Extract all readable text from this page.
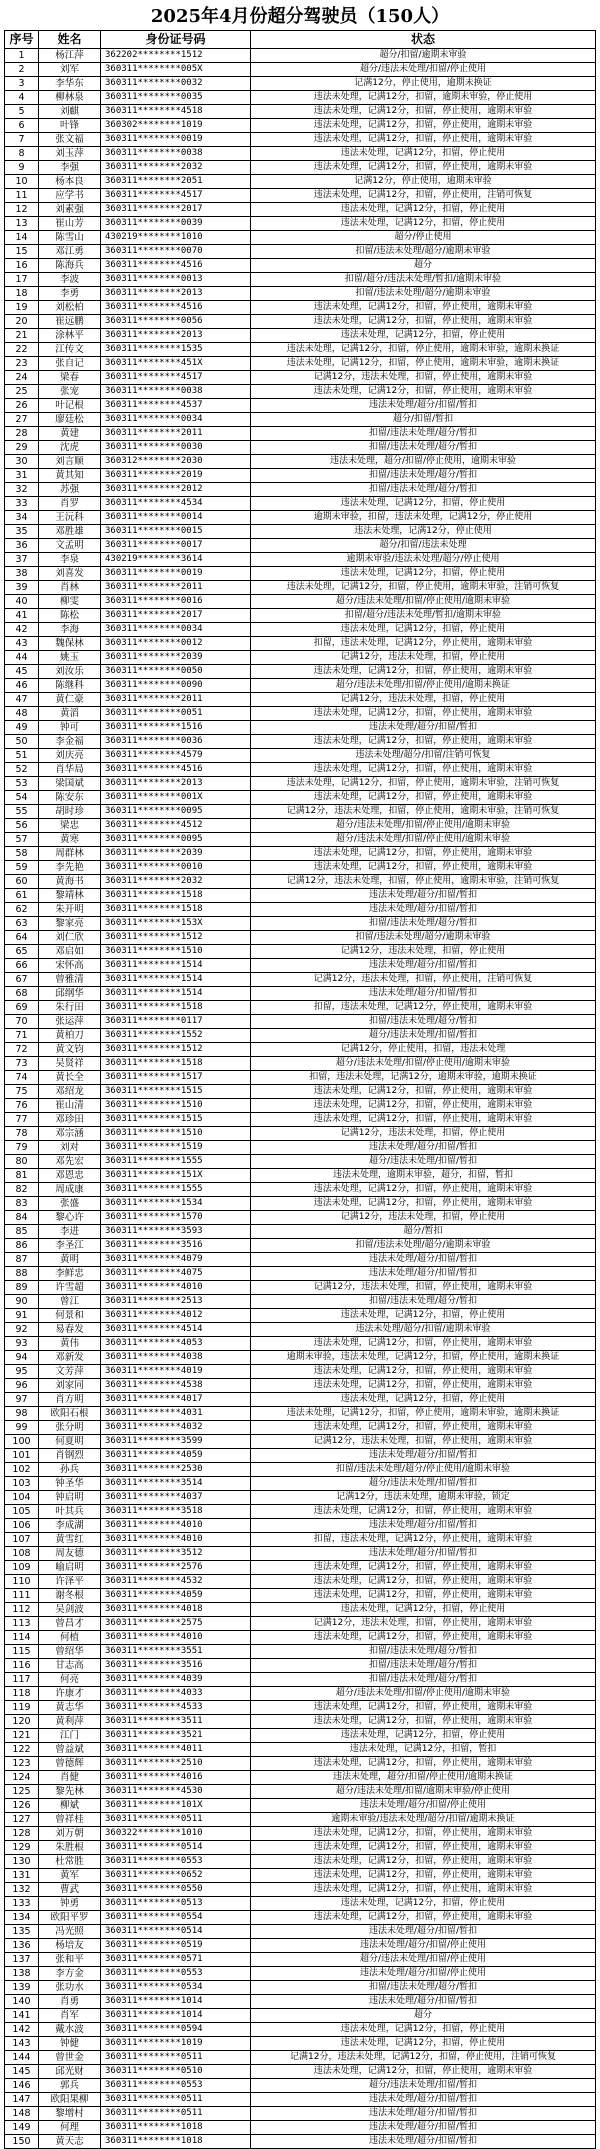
2025年4月份超分驾驶员（150人）
序号	姓名	身份证号码	状态
1	杨江萍	362202********1512	超分/扣留/逾期未审验
2	刘军	360311********005X	超分/违法未处理/扣留/停止使用
3	李华东	360311********0032	记满12分，停止使用，逾期未换证
4	柳林泉	360311********0035	违法未处理，记满12分，扣留，逾期未审验，停止使用
5	刘麒	360311********4518	违法未处理，记满12分，扣留，停止使用，逾期未审验
6	叶锋	360302********1019	违法未处理，记满12分，扣留，停止使用，逾期未审验
7	张文福	360311********0019	违法未处理，记满12分，扣留，停止使用，逾期未审验
8	刘玉萍	360311********0038	违法未处理，记满12分，扣留，停止使用
9	李强	360311********2032	违法未处理，记满12分，扣留，停止使用，逾期未审验
10	杨本良	360311********2051	记满12分，停止使用，逾期未审验
11	应学书	360311********4517	违法未处理，记满12分，扣留，停止使用，注销可恢复
12	刘素强	360311********2017	违法未处理，记满12分，扣留，停止使用
13	崔山芳	360311********0039	违法未处理，记满12分，扣留，停止使用
14	陈雪山	430219********1010	超分/停止使用
15	邓江勇	360311********0070	扣留/违法未处理/超分/逾期未审验
16	陈海兵	360311********4516	超分
17	李波	360311********0013	扣留/超分/违法未处理/暂扣/逾期未审验
18	李勇	360311********2013	扣留/违法未处理/超分/逾期未审验
19	刘松柏	360311********4516	违法未处理，记满12分，扣留，停止使用，逾期未审验
20	崔远鹏	360311********0056	违法未处理，记满12分，扣留，停止使用，逾期未审验
21	涂林平	360311********2013	违法未处理，记满12分，扣留，停止使用
22	江传文	360311********1535	违法未处理，记满12分，扣留，停止使用，逾期未审验，逾期未换证
23	张自记	360311********451X	违法未处理，记满12分，扣留，停止使用，逾期未审验，逾期未换证
24	梁春	360311********4517	记满12分，违法未处理，扣留，停止使用，逾期未审验
25	张宠	360311********0038	违法未处理，记满12分，扣留，停止使用，逾期未审验
26	叶记根	360311********4537	违法未处理/超分/扣留/暂扣
27	廖廷松	360311********0034	超分/扣留/暂扣
28	黄建	360311********2011	扣留/违法未处理/超分/暂扣
29	沈虎	360311********0030	扣留/违法未处理/超分/暂扣
30	刘言顺	360312********2030	违法未处理，超分/扣留/停止使用，逾期未审验
31	黄其知	360311********2019	扣留/违法未处理/超分/暂扣
32	苏强	360311********2012	扣留/违法未处理/超分/暂扣
33	肖罗	360311********4534	违法未处理，记满12分，扣留，停止使用
34	王沅科	360311********0014	逾期未审验，扣留，违法未处理，记满12分，停止使用
35	邓胜雄	360311********0015	违法未处理，记满12分，停止使用
36	文孟明	360311********0017	超分/扣留/违法未处理
37	李泉	430219********3614	逾期未审验/违法未处理/超分/停止使用
38	刘喜发	360311********0019	违法未处理，记满12分，扣留，停止使用
39	肖林	360311********2011	违法未处理，记满12分，扣留，停止使用，逾期未审验，注销可恢复
40	柳雯	360311********0016	超分/违法未处理/扣留/停止使用/逾期未审验
41	陈松	360311********2017	扣留/超分/违法未处理/暂扣/逾期未审验
42	李海	360311********0034	违法未处理，记满12分，扣留，停止使用
43	魏保林	360311********0012	扣留，违法未处理，记满12分，停止使用，逾期未审验
44	姚玉	360311********2039	记满12分，违法未处理，扣留，停止使用
45	刘汝乐	360311********0050	违法未处理，记满12分，扣留，停止使用，逾期未审验
46	陈继科	360311********0090	超分/违法未处理/扣留/停止使用/逾期未换证
47	黄仁豪	360311********2011	记满12分，违法未处理，扣留，停止使用
48	黄滔	360311********0051	违法未处理，记满12分，扣留，停止使用，逾期未审验
49	钟可	360311********1516	违法未处理/超分/扣留/暂扣
50	李金福	360311********0036	违法未处理，记满12分，扣留，停止使用，逾期未审验
51	刘庆亮	360311********4579	违法未处理/超分/扣留/注销可恢复
52	肖华局	360311********4516	违法未处理，记满12分，扣留，停止使用，逾期未审验
53	梁国斌	360311********2013	违法未处理，记满12分，扣留，停止使用，逾期未审验，注销可恢复
54	陈安东	360311********001X	违法未处理，记满12分，扣留，停止使用，逾期未审验
55	胡时珍	360311********0095	记满12分，违法未处理，扣留，停止使用，逾期未审验，注销可恢复
56	梁忠	360311********4512	超分/违法未处理/扣留/停止使用/逾期未审验
57	黄寒	360311********0095	超分/违法未处理/扣留/停止使用/逾期未审验
58	周群林	360311********2039	违法未处理，记满12分，扣留，停止使用，逾期未审验
59	李先艳	360311********0010	违法未处理，记满12分，扣留，停止使用，逾期未审验
60	黄海书	360311********2032	记满12分，违法未处理，扣留，停止使用，逾期未审验，注销可恢复
61	黎靖林	360311********1518	违法未处理/超分/扣留/暂扣
62	朱开明	360311********1518	违法未处理/超分/扣留/暂扣
63	黎家亮	360311********153X	扣留/违法未处理/超分/暂扣
64	刘仁欣	360311********1512	扣留/违法未处理/超分/逾期未审验
65	邓启如	360311********1510	记满12分，违法未处理，扣留，停止使用
66	宋怀高	360311********1514	违法未处理/超分/扣留/暂扣
67	曾雅清	360311********1514	记满12分，违法未处理，扣留，停止使用，注销可恢复
68	邱纲华	360311********1514	违法未处理/超分/扣留/暂扣
69	朱行田	360311********1518	扣留，违法未处理，记满12分，停止使用，逾期未审验
70	张运萍	360311********0117	扣留/违法未处理/超分/暂扣
71	黄柏刀	360311********1552	超分/违法未处理/扣留/暂扣
72	黄文钧	360311********1512	记满12分，停止使用，扣留，违法未处理
73	吴贤祥	360311********1518	超分/违法未处理/扣留/停止使用/逾期未审验
74	黄长全	360311********1517	扣留，违法未处理，记满12分，逾期未审验，逾期未换证
75	邓绍龙	360311********1515	违法未处理，记满12分，扣留，停止使用，逾期未审验
76	崔山清	360311********1510	违法未处理，记满12分，扣留，停止使用，逾期未审验
77	邓珍田	360311********1515	违法未处理，记满12分，扣留，停止使用，逾期未审验
78	邓宗涵	360311********1510	记满12分，违法未处理，扣留，停止使用
79	刘对	360311********1519	违法未处理/超分/扣留/暂扣
80	邓先宏	360311********1555	超分/违法未处理/扣留/暂扣
81	邓恩忠	360311********151X	违法未处理，逾期未审验，超分，扣留，暂扣
82	周成康	360311********1555	违法未处理，记满12分，扣留，停止使用，逾期未审验
83	张盛	360311********1534	违法未处理，记满12分，扣留，停止使用，逾期未审验
84	黎心许	360311********1570	记满12分，违法未处理，扣留，停止使用
85	李进	360311********3593	超分/暂扣
86	李圣江	360311********3516	扣留/违法未处理/超分/逾期未审验
87	黄明	360311********4079	违法未处理/超分/扣留/暂扣
88	李鲜忠	360311********4075	违法未处理/超分/扣留/暂扣
89	许雪超	360311********4010	记满12分，违法未处理，扣留，停止使用，逾期未审验
90	曾江	360311********2513	扣留/违法未处理/超分/暂扣
91	何景和	360311********4012	违法未处理，记满12分，扣留，停止使用
92	易春发	360311********4514	违法未处理/超分/扣留/逾期未审验
93	黄伟	360311********4053	违法未处理，记满12分，扣留，停止使用，逾期未审验
94	邓新发	360311********4038	逾期未审验，违法未处理，记满12分，扣留，停止使用，逾期未换证
95	文芳萍	360311********4019	违法未处理，记满12分，扣留，停止使用，逾期未审验
96	刘家同	360311********4538	违法未处理，记满12分，扣留，停止使用，逾期未审验
97	肖方明	360311********4017	违法未处理，记满12分，扣留，停止使用
98	欧阳石根	360311********4031	违法未处理，记满12分，扣留，停止使用，逾期未审验，逾期未换证
99	张分明	360311********4032	违法未处理，记满12分，扣留，停止使用，逾期未审验
100	何夏明	360311********3599	记满12分，违法未处理，扣留，停止使用，逾期未审验
101	肖钢烈	360311********4059	违法未处理/超分/扣留/暂扣
102	孙兵	360311********2530	扣留/违法未处理/超分/停止使用/逾期未审验
103	钟圣华	360311********3514	超分/违法未处理/扣留/暂扣
104	钟启明	360311********4037	记满12分，违法未处理，逾期未审验，锁定
105	叶其兵	360311********3518	违法未处理，记满12分，扣留，停止使用，逾期未审验
106	李成湖	360311********4010	违法未处理/超分/扣留/暂扣
107	黄雪红	360311********4010	扣留，违法未处理，记满12分，停止使用，逾期未审验
108	周友德	360311********3512	违法未处理/超分/扣留/暂扣
109	喻启明	360311********2576	违法未处理，记满12分，扣留，停止使用，逾期未审验
110	许泽平	360311********4532	违法未处理，记满12分，扣留，停止使用，逾期未审验
111	谢冬根	360311********4059	违法未处理，记满12分，扣留，停止使用，逾期未审验
112	吴剑波	360311********4018	违法未处理，记满12分，扣留，停止使用
113	曾昌才	360311********2575	记满12分，违法未处理，扣留，停止使用，逾期未审验
114	何植	360311********4010	违法未处理，记满12分，扣留，停止使用，逾期未审验
115	曾绍华	360311********3551	扣留/违法未处理/超分/暂扣
116	甘志高	360311********3516	扣留/违法未处理/超分/暂扣
117	何亮	360311********4039	扣留/违法未处理/超分/暂扣
118	许康才	360311********4033	超分/违法未处理/扣留/停止使用/逾期未审验
119	黄志华	360311********4533	违法未处理，记满12分，扣留，停止使用，逾期未审验
120	黄利萍	360311********3511	违法未处理，记满12分，扣留，停止使用，逾期未审验
121	江门	360311********3521	违法未处理，记满12分，扣留，停止使用
122	曾益斌	360311********4011	违法未处理，记满12分，扣留，暂扣
123	曾德辉	360311********2510	违法未处理，记满12分，扣留，停止使用，逾期未审验
124	肖健	360311********4016	违法未处理，超分/扣留/停止使用/逾期未换证
125	黎先林	360311********4530	超分/违法未处理/扣留/逾期未审验/停止使用
126	柳斌	360311********101X	违法未处理/超分/扣留/停止使用
127	曾祥桂	360311********0511	逾期未审验/违法未处理/超分/扣留/逾期未换证
128	刘万朝	360322********1010	违法未处理，记满12分，扣留，停止使用，逾期未审验
129	朱胜根	360311********0514	违法未处理，记满12分，扣留，停止使用，逾期未审验
130	杜常胜	360311********0553	违法未处理，记满12分，扣留，停止使用，逾期未审验
131	黄军	360311********0652	违法未处理，记满12分，扣留，停止使用，逾期未审验
132	曹武	360311********0550	违法未处理，记满12分，扣留，停止使用，逾期未审验
133	钟勇	360311********0513	违法未处理，记满12分，扣留，停止使用
134	欧阳平罗	360311********0554	违法未处理，记满12分，扣留，停止使用，逾期未审验
135	冯光照	360311********0514	违法未处理/超分/扣留/暂扣
136	杨培友	360311********0519	违法未处理/超分/扣留/停止使用
137	张和平	360311********0571	超分/违法未处理/扣留/停止使用
138	李方金	360311********0553	违法未处理/超分/扣留/停止使用
139	张功水	360311********0534	扣留/违法未处理/超分/暂扣
140	肖勇	360311********1014	违法未处理/超分/扣留/暂扣
141	肖军	360311********1014	超分
142	戴水波	360311********0594	违法未处理，记满12分，扣留，停止使用
143	钟健	360311********1019	违法未处理，记满12分，扣留，停止使用
144	曾世金	360311********0511	记满12分，违法未处理，记满12分，扣留，停止使用，注销可恢复
145	邱光财	360311********0510	违法未处理，记满12分，扣留，停止使用，逾期未审验
146	郭兵	360311********0553	超分/违法未处理/扣留/暂扣
147	欧阳果柳	360311********0511	违法未处理/超分/扣留/暂扣
148	黎增村	360311********0511	违法未处理/超分/扣留/暂扣
149	何理	360311********1018	违法未处理/超分/扣留/暂扣
150	黄天志	360311********1018	违法未处理/超分/扣留/暂扣
